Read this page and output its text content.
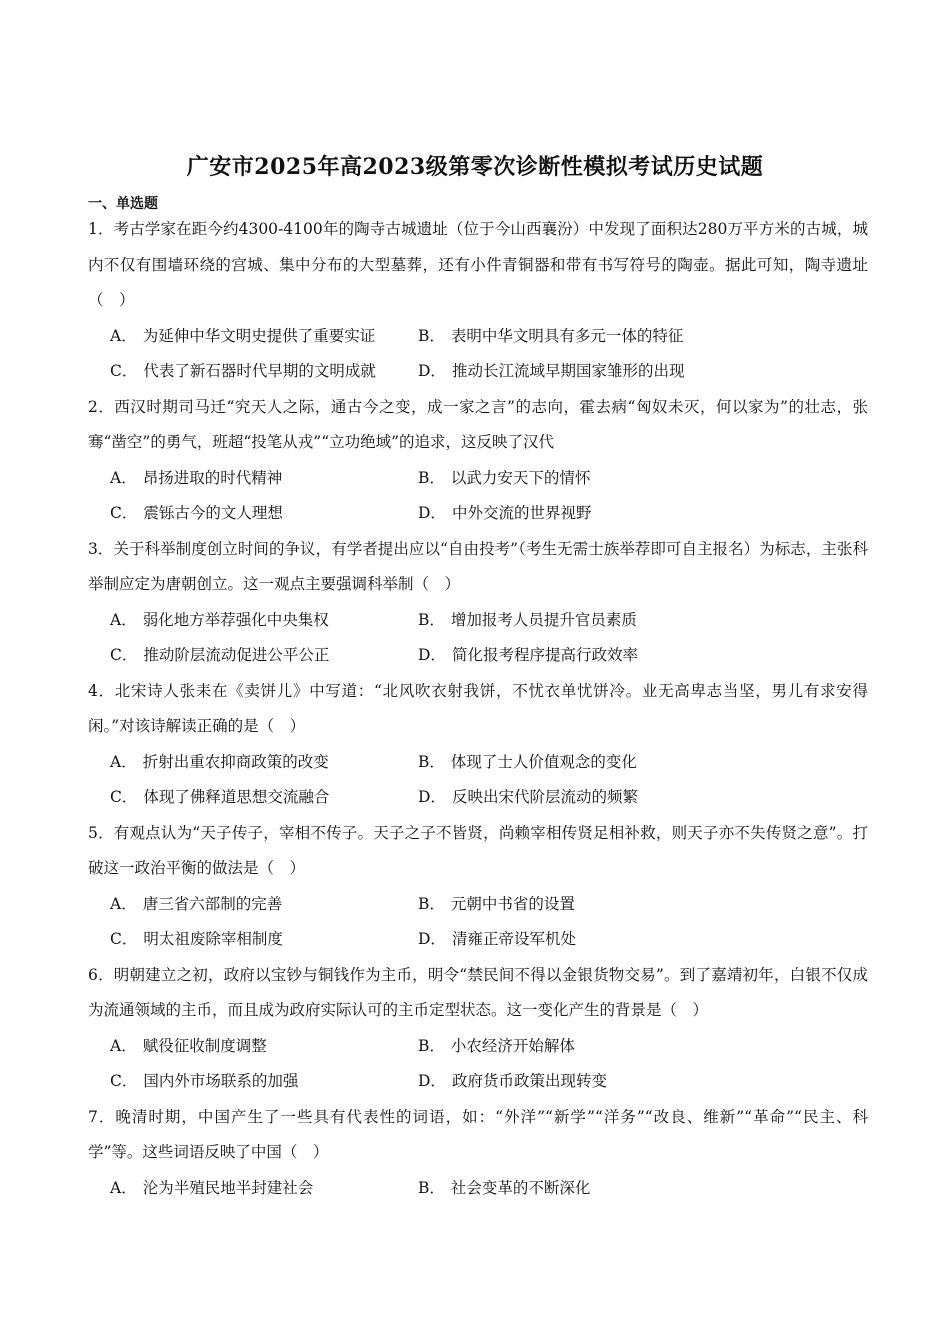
广安市2025年高2023级第零次诊断性模拟考试历史试题
一、单选题

1．考古学家在距今约4300-4100年的陶寺古城遗址（位于今山西襄汾）中发现了面积达280万平方米的古城，城内不仅有围墙环绕的宫城、集中分布的大型墓葬，还有小件青铜器和带有书写符号的陶壶。据此可知，陶寺遗址（　）

A． 为延伸中华文明史提供了重要实证	B． 表明中华文明具有多元一体的特征
C． 代表了新石器时代早期的文明成就	D． 推动长江流域早期国家雏形的出现

2．西汉时期司马迁“究天人之际，通古今之变，成一家之言”的志向，霍去病“匈奴未灭，何以家为”的壮志，张骞“凿空”的勇气，班超“投笔从戎”“立功绝域”的追求，这反映了汉代

A． 昂扬进取的时代精神	B． 以武力安天下的情怀
C． 震铄古今的文人理想	D． 中外交流的世界视野

3．关于科举制度创立时间的争议，有学者提出应以“自由投考”（考生无需士族举荐即可自主报名）为标志，主张科举制应定为唐朝创立。这一观点主要强调科举制（　）

A． 弱化地方举荐强化中央集权	B． 增加报考人员提升官员素质
C． 推动阶层流动促进公平公正	D． 简化报考程序提高行政效率

4．北宋诗人张耒在《卖饼儿》中写道：“北风吹衣射我饼，不忧衣单忧饼冷。业无高卑志当坚，男儿有求安得闲。”对该诗解读正确的是（　）

A． 折射出重农抑商政策的改变	B． 体现了士人价值观念的变化
C． 体现了佛释道思想交流融合	D． 反映出宋代阶层流动的频繁

5．有观点认为“天子传子，宰相不传子。天子之子不皆贤，尚赖宰相传贤足相补救，则天子亦不失传贤之意”。打破这一政治平衡的做法是（　）

A． 唐三省六部制的完善	B． 元朝中书省的设置
C． 明太祖废除宰相制度	D． 清雍正帝设军机处

6．明朝建立之初，政府以宝钞与铜钱作为主币，明令“禁民间不得以金银货物交易”。到了嘉靖初年，白银不仅成为流通领域的主币，而且成为政府实际认可的主币定型状态。这一变化产生的背景是（　）

A． 赋役征收制度调整	B． 小农经济开始解体
C． 国内外市场联系的加强	D． 政府货币政策出现转变

7．晚清时期，中国产生了一些具有代表性的词语，如：“外洋”“新学”“洋务”“改良、维新”“革命”“民主、科学”等。这些词语反映了中国（　）

A． 沦为半殖民地半封建社会	B． 社会变革的不断深化
